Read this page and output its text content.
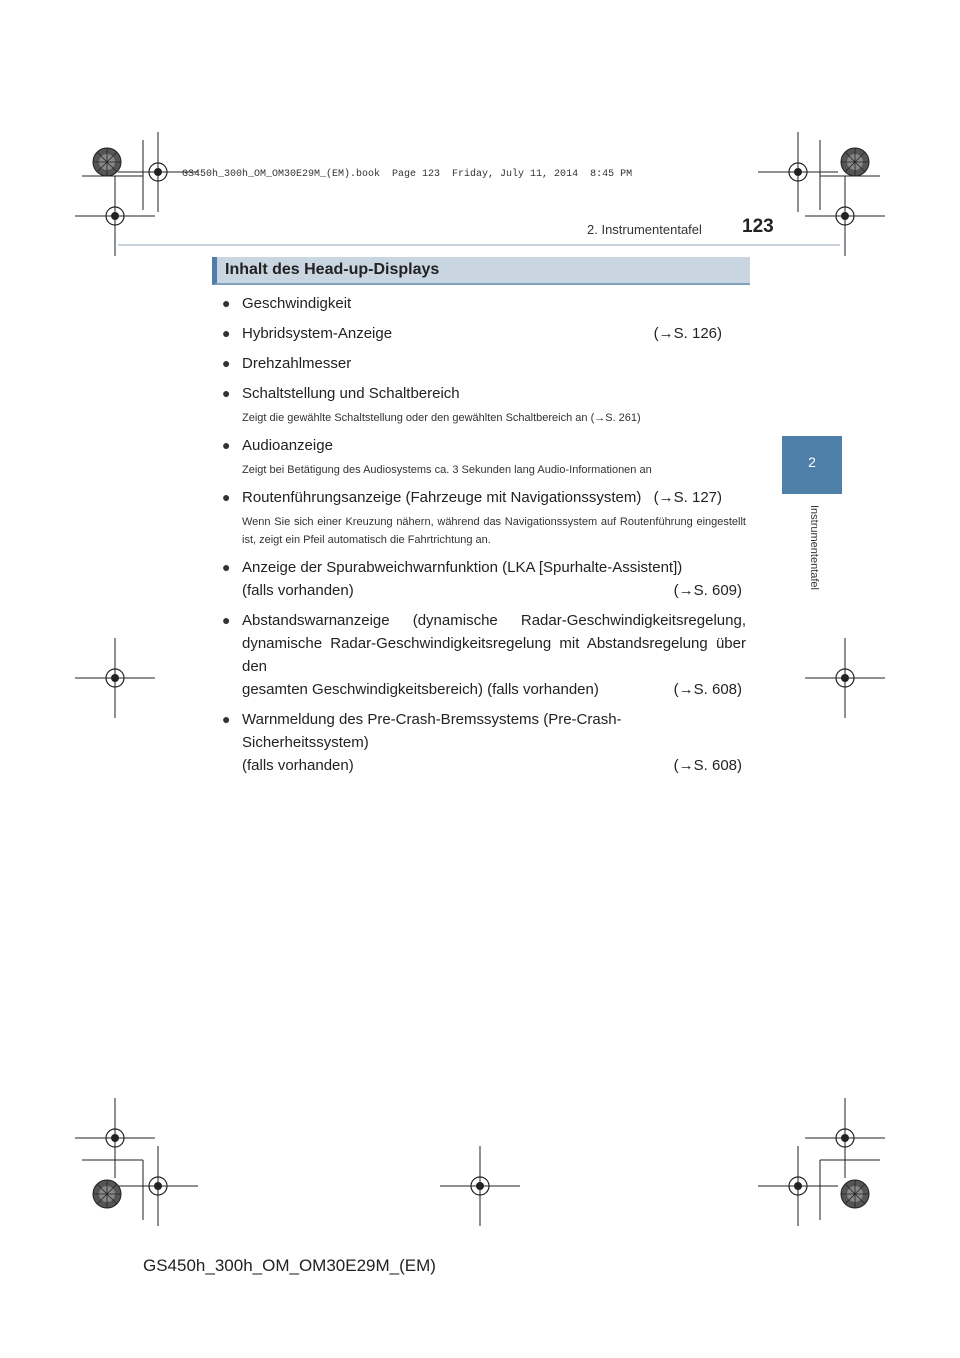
GS450h_300h_OM_OM30E29M_(EM).book  Page 123  Friday, July 11, 2014  8:45 PM
2. Instrumententafel 123
2
Instrumententafel
Inhalt des Head-up-Displays
● Geschwindigkeit
● Hybridsystem-Anzeige	(→S. 126)
● Drehzahlmesser
● Schaltstellung und Schaltbereich
Zeigt die gewählte Schaltstellung oder den gewählten Schaltbereich an (→S. 261)
● Audioanzeige
Zeigt bei Betätigung des Audiosystems ca. 3 Sekunden lang Audio-Informationen an
● Routenführungsanzeige (Fahrzeuge mit Navigationssystem) (→S. 127)
Wenn Sie sich einer Kreuzung nähern, während das Navigationssystem auf Routenführung eingestellt ist, zeigt ein Pfeil automatisch die Fahrtrichtung an.
● Anzeige der Spurabweichwarnfunktion (LKA [Spurhalte-Assistent])
(falls vorhanden)	(→S. 609)
● Abstandswarnanzeige (dynamische Radar-Geschwindigkeitsregelung, dynamische Radar-Geschwindigkeitsregelung mit Abstandsregelung über den
gesamten Geschwindigkeitsbereich) (falls vorhanden)	(→S. 608)
● Warnmeldung des Pre-Crash-Bremssystems (Pre-Crash-Sicherheitssystem)
(falls vorhanden)	(→S. 608)
GS450h_300h_OM_OM30E29M_(EM)
